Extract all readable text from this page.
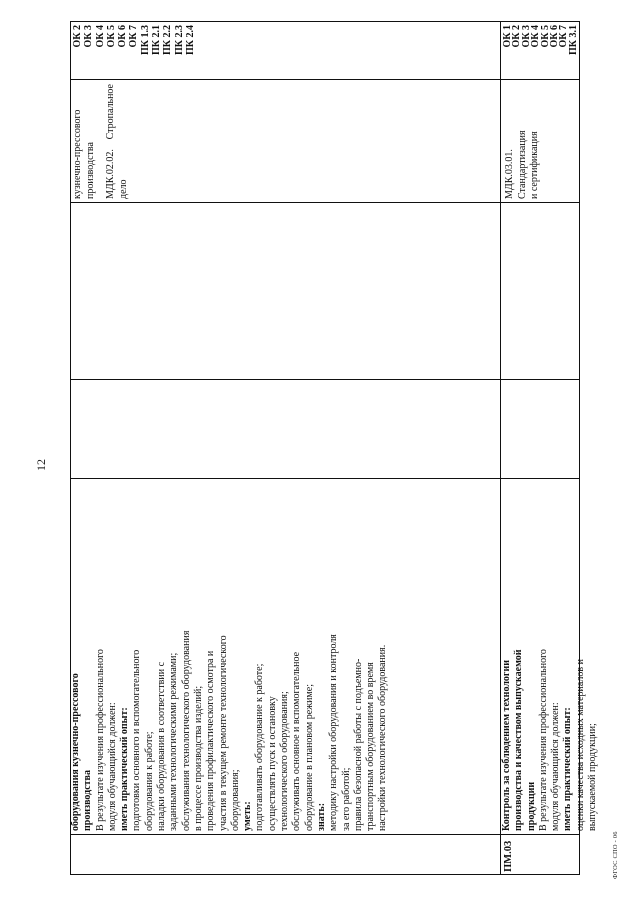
12
оборудования кузнечно-прессового производства В результате изучения профессионального модуля обучающийся должен: иметь практический опыт: подготовки основного и вспомогательного оборудования к работе; наладки оборудования в соответствии с заданными технологическими режимами; обслуживания технологического оборудования в процессе производства изделий; проведения профилактического осмотра и участия в текущем ремонте технологического оборудования; уметь: подготавливать оборудование к работе; осуществлять пуск и остановку технологического оборудования; обслуживать основное и вспомогательное оборудование в плановом режиме; знать: методику настройки оборудования и контроля за его работой; правила безопасной работы с подъемно- транспортным оборудованием во время настройки технологического оборудования.
кузнечно-прессового производства МДК.02.02. Стропальное дело
ОК 2 ОК 3 ОК 4 ОК 5 ОК 6 ОК 7 ПК 1.3 ПК 2.1 ПК 2.2 ПК 2.3 ПК 2.4
ПМ.03
Контроль за соблюдением технологии производства и качеством выпускаемой продукции В результате изучения профессионального модуля обучающийся должен: иметь практический опыт: оценки качества исходных материалов и выпускаемой продукции;
МДК.03.01. Стандартизация и сертификация
ОК 1
ОК 2
ОК 3
ОК 4
ОК 5
ОК 6
ОК 7
ПК 3.1
ФГОС СПО - 06
